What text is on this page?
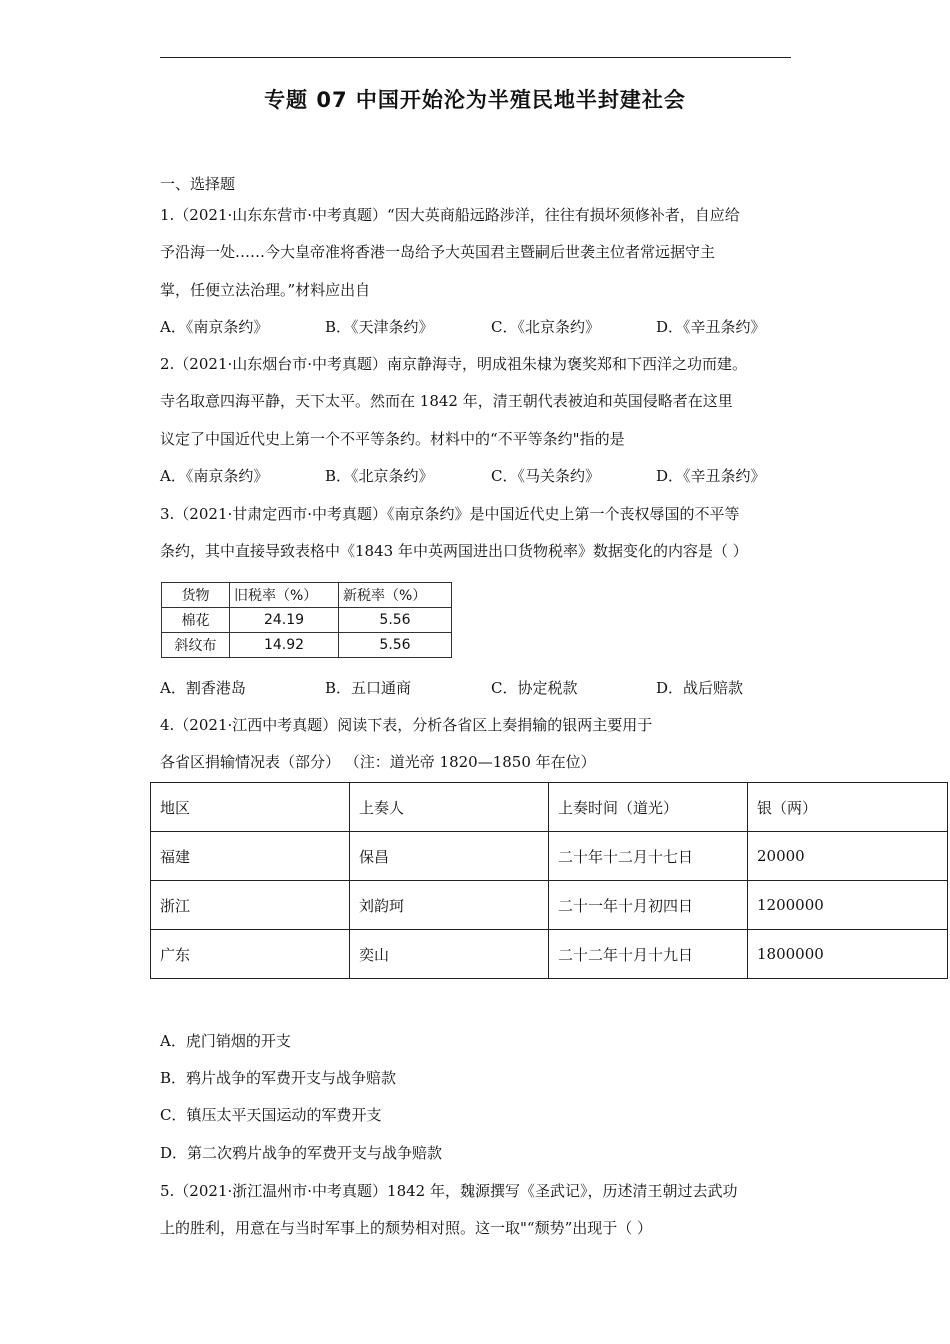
专题 07 中国开始沦为半殖民地半封建社会
一、选择题
1.（2021·山东东营市·中考真题）“因大英商船远路涉洋，往往有损坏须修补者，自应给
予沿海一处……今大皇帝准将香港一岛给予大英国君主暨嗣后世袭主位者常远据守主
掌，任便立法治理。”材料应出自
A．《南京条约》	B．《天津条约》	C．《北京条约》	D．《辛丑条约》
2.（2021·山东烟台市·中考真题）南京静海寺，明成祖朱棣为褒奖郑和下西洋之功而建。
寺名取意四海平静，天下太平。然而在 1842 年，清王朝代表被迫和英国侵略者在这里
议定了中国近代史上第一个不平等条约。材料中的“不平等条约"指的是
A．《南京条约》	B．《北京条约》	C．《马关条约》	D．《辛丑条约》
3.（2021·甘肃定西市·中考真题）《南京条约》是中国近代史上第一个丧权辱国的不平等
条约，其中直接导致表格中《1843 年中英两国进出口货物税率》数据变化的内容是（ ）
货物	旧税率（%）	新税率（%）
棉花	24.19	5.56
斜纹布	14.92	5.56
A．割香港岛	B．五口通商	C．协定税款	D．战后赔款
4.（2021·江西中考真题）阅读下表，分析各省区上奏捐输的银两主要用于
各省区捐输情况表（部分） （注：道光帝 1820—1850 年在位）
地区	上奏人	上奏时间（道光）	银（两）
福建	保昌	二十年十二月十七日	20000
浙江	刘韵珂	二十一年十月初四日	1200000
广东	奕山	二十二年十月十九日	1800000
A．虎门销烟的开支
B．鸦片战争的军费开支与战争赔款
C．镇压太平天国运动的军费开支
D．第二次鸦片战争的军费开支与战争赔款
5.（2021·浙江温州市·中考真题）1842 年，魏源撰写《圣武记》，历述清王朝过去武功
上的胜利，用意在与当时军事上的颓势相对照。这一取"“颓势”出现于（ ）
